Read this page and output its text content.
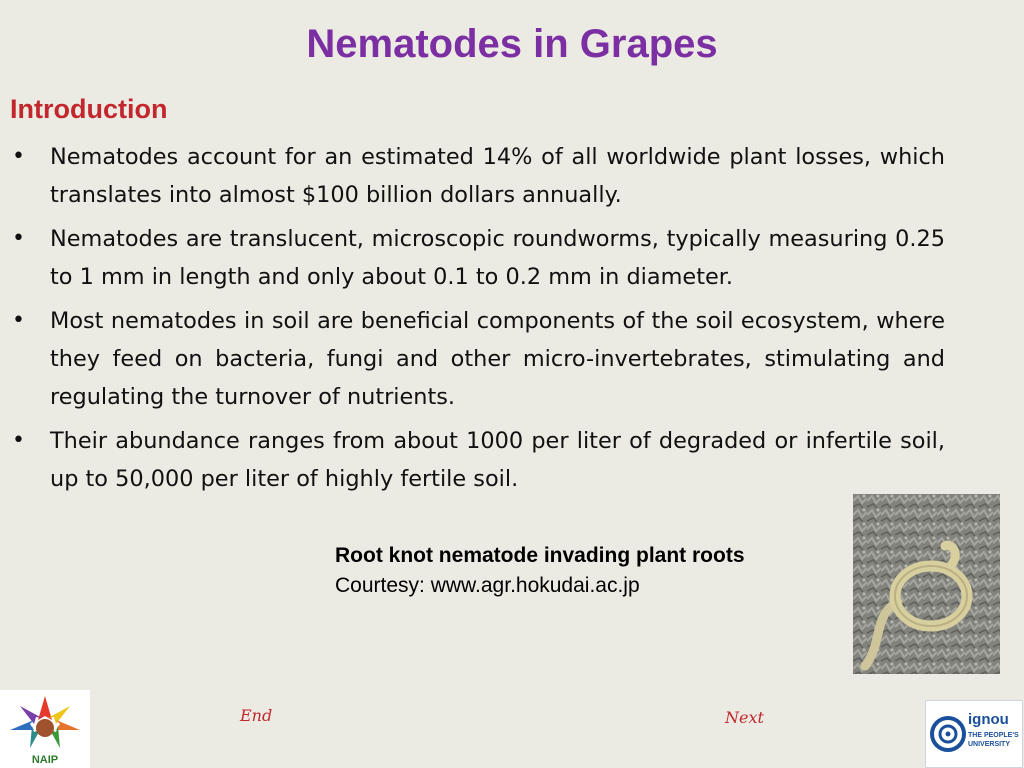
Nematodes in Grapes
Introduction
• Nematodes account for an estimated 14% of all worldwide plant losses, which translates into almost $100 billion dollars annually.
• Nematodes are translucent, microscopic roundworms, typically measuring 0.25 to 1 mm in length and only about 0.1 to 0.2 mm in diameter.
• Most nematodes in soil are beneficial components of the soil ecosystem, where they feed on bacteria, fungi and other micro-invertebrates, stimulating and regulating the turnover of nutrients.
• Their abundance ranges from about 1000 per liter of degraded or infertile soil, up to 50,000 per liter of highly fertile soil.
Root knot nematode invading plant roots
Courtesy: www.agr.hokudai.ac.jp
End	Next
NAIP
ignou
THE PEOPLE'S
UNIVERSITY
